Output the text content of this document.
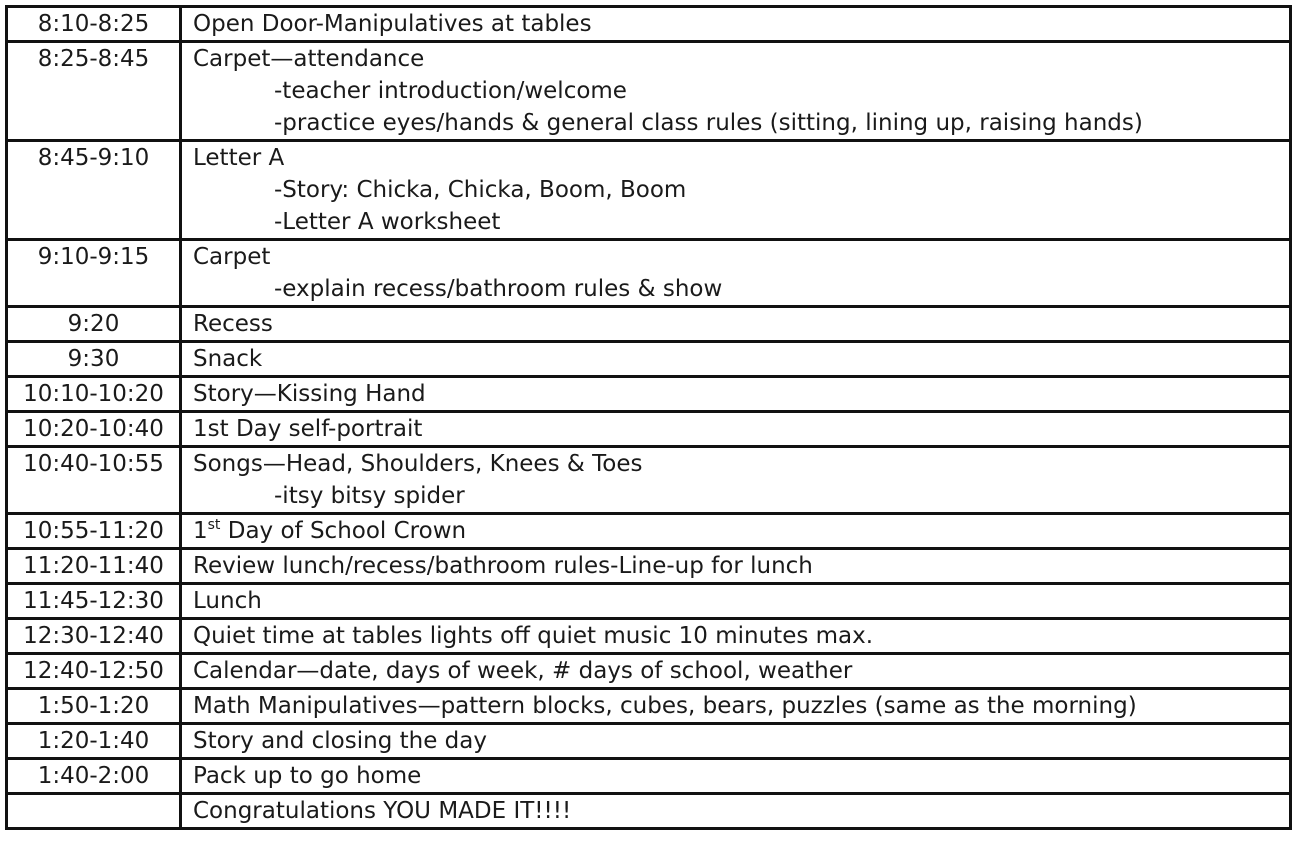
8:10-8:25	Open Door-Manipulatives at tables

8:25-8:45	Carpet—attendance
-teacher introduction/welcome
-practice eyes/hands & general class rules (sitting, lining up, raising hands)

8:45-9:10	Letter A
-Story: Chicka, Chicka, Boom, Boom
-Letter A worksheet

9:10-9:15	Carpet
-explain recess/bathroom rules & show

9:20	Recess

9:30	Snack

10:10-10:20	Story—Kissing Hand

10:20-10:40	1st Day self-portrait

10:40-10:55	Songs—Head, Shoulders, Knees & Toes
-itsy bitsy spider

10:55-11:20	1st Day of School Crown

11:20-11:40	Review lunch/recess/bathroom rules-Line-up for lunch

11:45-12:30	Lunch

12:30-12:40	Quiet time at tables lights off quiet music 10 minutes max.

12:40-12:50	Calendar—date, days of week, # days of school, weather

1:50-1:20	Math Manipulatives—pattern blocks, cubes, bears, puzzles (same as the morning)

1:20-1:40	Story and closing the day

1:40-2:00	Pack up to go home

	Congratulations YOU MADE IT!!!!
